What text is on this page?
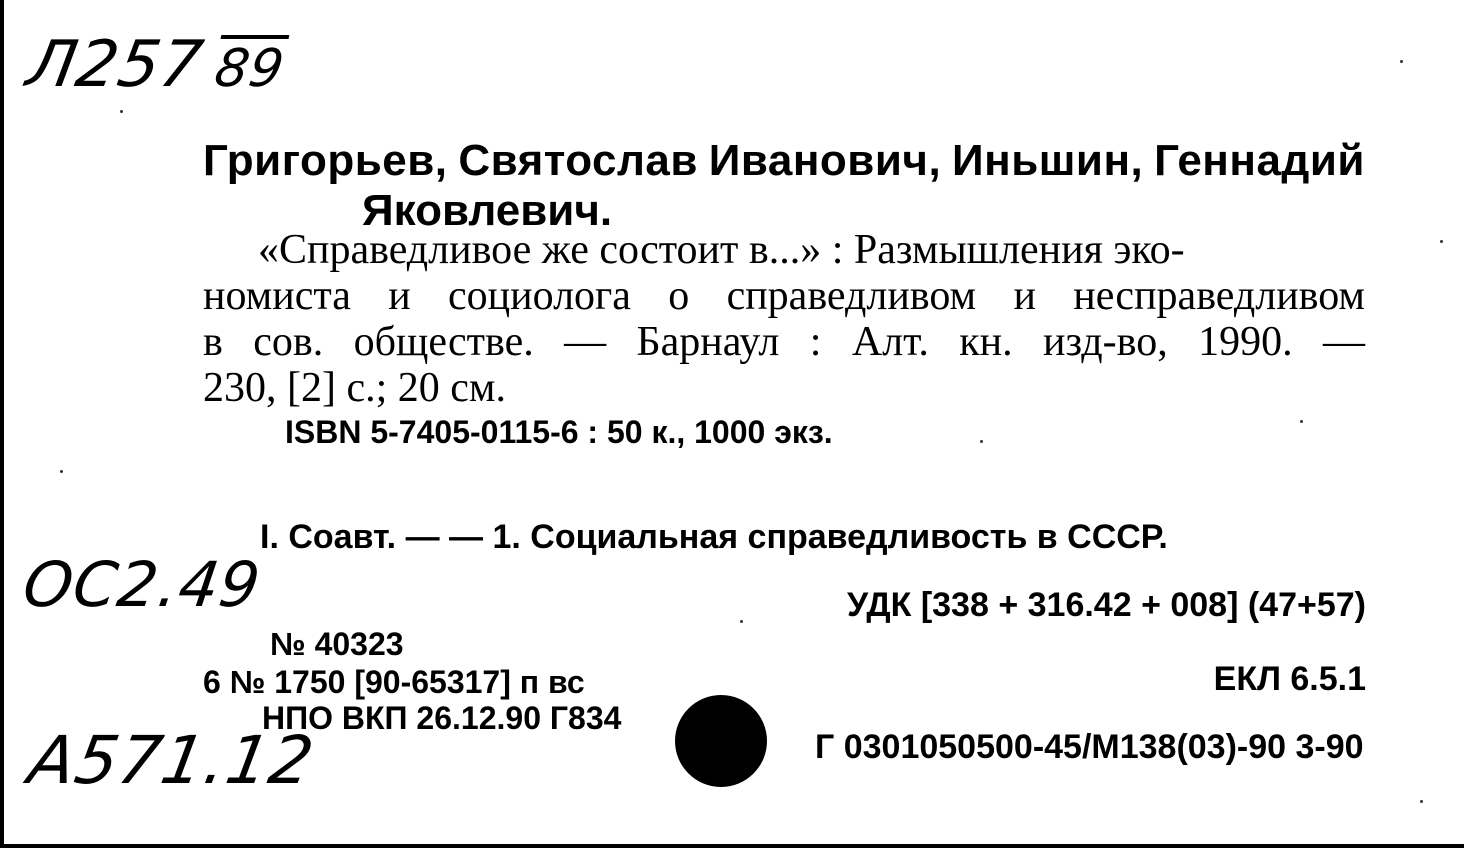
Л25789
ОС2.49
А571.12
Григорьев, Святослав Иванович, Иньшин, Геннадий
Яковлевич.
«Справедливое же состоит в...» : Размышления эко-
номиста и социолога о справедливом и несправедливом
в сов. обществе. — Барнаул : Алт. кн. изд-во, 1990. —
230, [2] с.; 20 см.
ISBN 5-7405-0115-6 : 50 к., 1000 экз.
I. Соавт. — — 1. Социальная справедливость в СССР.
УДК [338 + 316.42 + 008] (47+57)
№ 40323
6 № 1750 [90-65317] п вс	ЕКЛ 6.5.1
НПО ВКП 26.12.90 Г834
Г 0301050500-45/М138(03)-90 3-90
